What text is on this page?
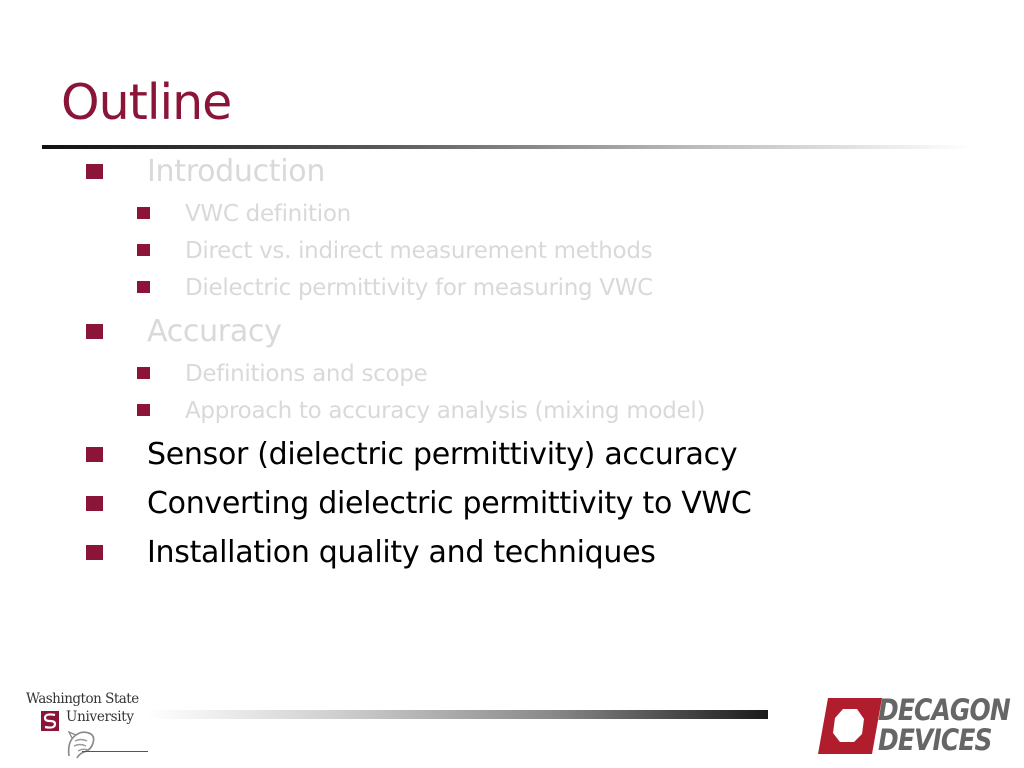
Outline
Introduction
VWC definition
Direct vs. indirect measurement methods
Dielectric permittivity for measuring VWC
Accuracy
Definitions and scope
Approach to accuracy analysis (mixing model)
Sensor (dielectric permittivity) accuracy
Converting dielectric permittivity to VWC
Installation quality and techniques
Washington State
University	DECAGON
DEVICES
